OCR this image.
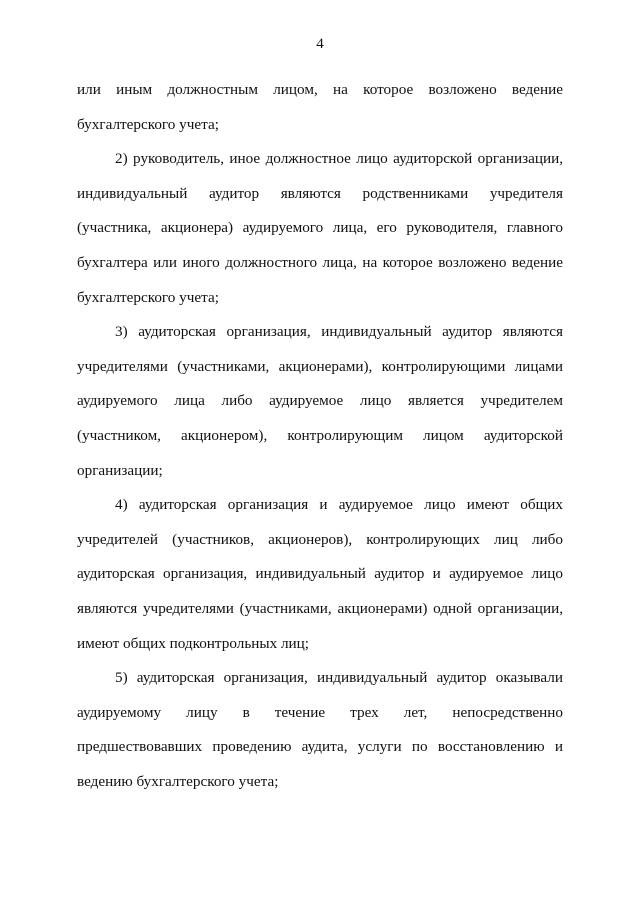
4

или иным должностным лицом, на которое возложено ведение бухгалтерского учета;

2) руководитель, иное должностное лицо аудиторской организации, индивидуальный аудитор являются родственниками учредителя (участника, акционера) аудируемого лица, его руководителя, главного бухгалтера или иного должностного лица, на которое возложено ведение бухгалтерского учета;

3) аудиторская организация, индивидуальный аудитор являются учредителями (участниками, акционерами), контролирующими лицами аудируемого лица либо аудируемое лицо является учредителем (участником, акционером), контролирующим лицом аудиторской организации;

4) аудиторская организация и аудируемое лицо имеют общих учредителей (участников, акционеров), контролирующих лиц либо аудиторская организация, индивидуальный аудитор и аудируемое лицо являются учредителями (участниками, акционерами) одной организации, имеют общих подконтрольных лиц;

5) аудиторская организация, индивидуальный аудитор оказывали аудируемому лицу в течение трех лет, непосредственно предшествовавших проведению аудита, услуги по восстановлению и ведению бухгалтерского учета;
